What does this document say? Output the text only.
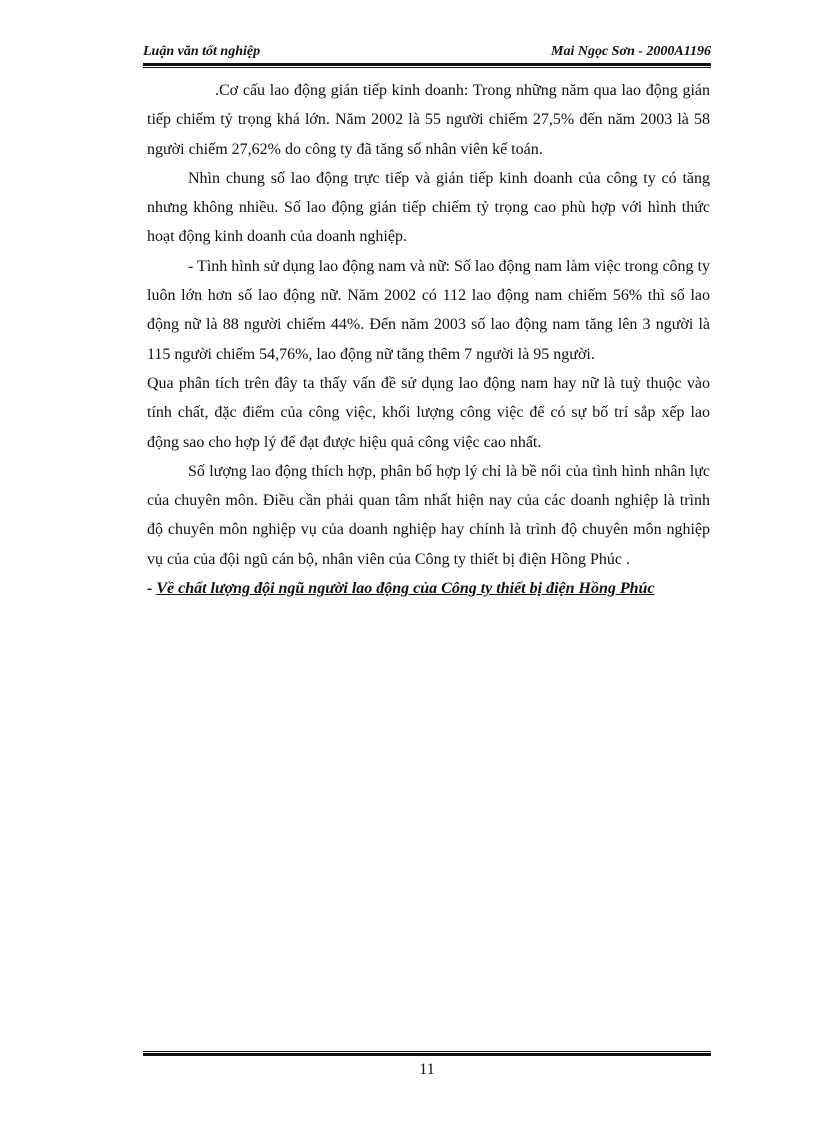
Luận văn tốt nghiệp	Mai Ngọc Sơn - 2000A1196

.Cơ cấu lao động gián tiếp kinh doanh: Trong những năm qua lao động gián tiếp chiếm tỷ trọng khá lớn. Năm 2002 là 55 người chiếm 27,5% đến năm 2003 là 58 người chiếm 27,62% do công ty đã tăng số nhân viên kế toán.

Nhìn chung số lao động trực tiếp và gián tiếp kinh doanh của công ty có tăng nhưng không nhiều. Số lao động gián tiếp chiếm tỷ trọng cao phù hợp với hình thức hoạt động kinh doanh của doanh nghiệp.

- Tình hình sử dụng lao động nam và nữ: Số lao động nam làm việc trong công ty luôn lớn hơn số lao động nữ. Năm 2002 có 112 lao động nam chiếm 56% thì số lao động nữ là 88 người chiếm 44%. Đến năm 2003 số lao động nam tăng lên 3 người là 115 người chiếm 54,76%, lao động nữ tăng thêm 7 người là 95 người.

Qua phân tích trên đây ta thấy vấn đề sử dụng lao động nam hay nữ là tuỳ thuộc vào tính chất, đặc điểm của công việc, khối lượng công việc để có sự bố trí sắp xếp lao động sao cho hợp lý để đạt được hiệu quả công việc cao nhất.

Số lượng lao động thích hợp, phân bố hợp lý chỉ là bề nổi của tình hình nhân lực của chuyên môn. Điều cần phải quan tâm nhất hiện nay của các doanh nghiệp là trình độ chuyên môn nghiệp vụ của doanh nghiệp hay chính là trình độ chuyên môn nghiệp vụ của của đội ngũ cán bộ, nhân viên của Công ty thiết bị điện Hồng Phúc .

- Về chất lượng đội ngũ người lao động của Công ty thiết bị điện Hồng Phúc

11
